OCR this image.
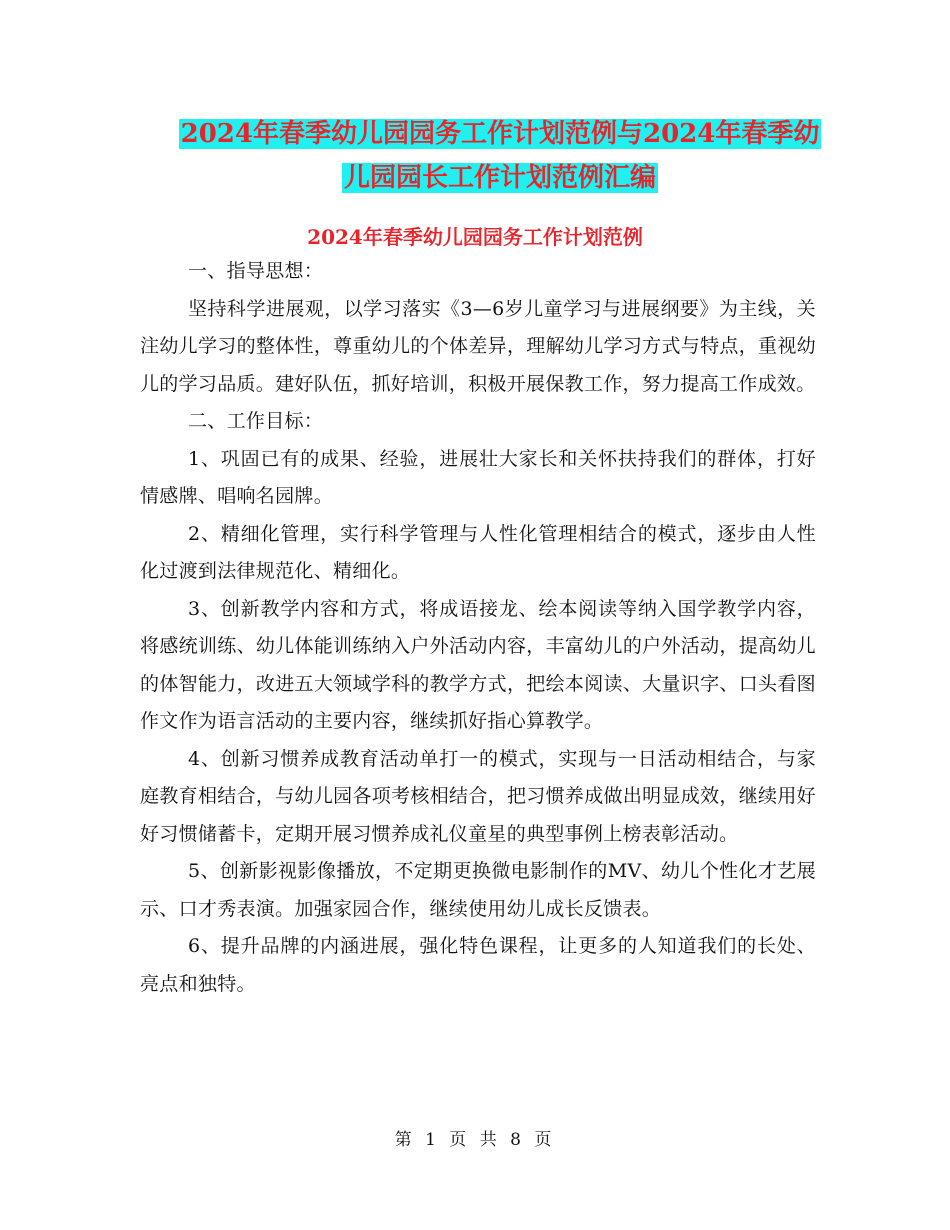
2024年春季幼儿园园务工作计划范例与2024年春季幼
儿园园长工作计划范例汇编
2024年春季幼儿园园务工作计划范例

一、指导思想：

坚持科学进展观，以学习落实《3—6岁儿童学习与进展纲要》为主线，关注幼儿学习的整体性，尊重幼儿的个体差异，理解幼儿学习方式与特点，重视幼儿的学习品质。建好队伍，抓好培训，积极开展保教工作，努力提高工作成效。

二、工作目标：

1、巩固已有的成果、经验，进展壮大家长和关怀扶持我们的群体，打好情感牌、唱响名园牌。

2、精细化管理，实行科学管理与人性化管理相结合的模式，逐步由人性化过渡到法律规范化、精细化。

3、创新教学内容和方式，将成语接龙、绘本阅读等纳入国学教学内容，将感统训练、幼儿体能训练纳入户外活动内容，丰富幼儿的户外活动，提高幼儿的体智能力，改进五大领域学科的教学方式，把绘本阅读、大量识字、口头看图作文作为语言活动的主要内容，继续抓好指心算教学。

4、创新习惯养成教育活动单打一的模式，实现与一日活动相结合，与家庭教育相结合，与幼儿园各项考核相结合，把习惯养成做出明显成效，继续用好好习惯储蓄卡，定期开展习惯养成礼仪童星的典型事例上榜表彰活动。

5、创新影视影像播放，不定期更换微电影制作的MV、幼儿个性化才艺展示、口才秀表演。加强家园合作，继续使用幼儿成长反馈表。

6、提升品牌的内涵进展，强化特色课程，让更多的人知道我们的长处、亮点和独特。

第 1 页 共 8 页
